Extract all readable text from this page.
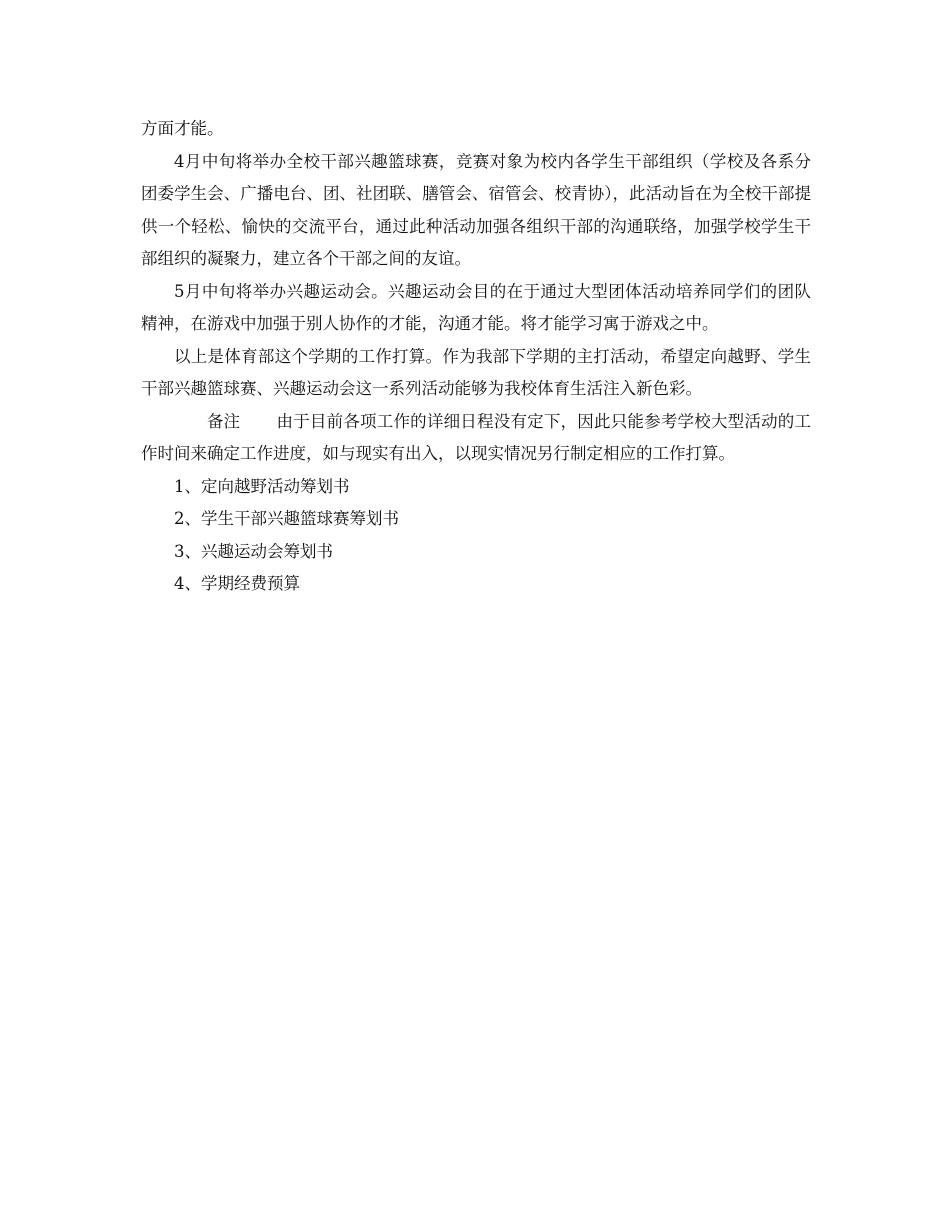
方面才能。

4月中旬将举办全校干部兴趣篮球赛，竞赛对象为校内各学生干部组织（学校及各系分团委学生会、广播电台、团、社团联、膳管会、宿管会、校青协），此活动旨在为全校干部提供一个轻松、愉快的交流平台，通过此种活动加强各组织干部的沟通联络，加强学校学生干部组织的凝聚力，建立各个干部之间的友谊。

5月中旬将举办兴趣运动会。兴趣运动会目的在于通过大型团体活动培养同学们的团队精神，在游戏中加强于别人协作的才能，沟通才能。将才能学习寓于游戏之中。

以上是体育部这个学期的工作打算。作为我部下学期的主打活动，希望定向越野、学生干部兴趣篮球赛、兴趣运动会这一系列活动能够为我校体育生活注入新色彩。

备注 由于目前各项工作的详细日程没有定下，因此只能参考学校大型活动的工作时间来确定工作进度，如与现实有出入，以现实情况另行制定相应的工作打算。

1、定向越野活动筹划书
2、学生干部兴趣篮球赛筹划书
3、兴趣运动会筹划书
4、学期经费预算
